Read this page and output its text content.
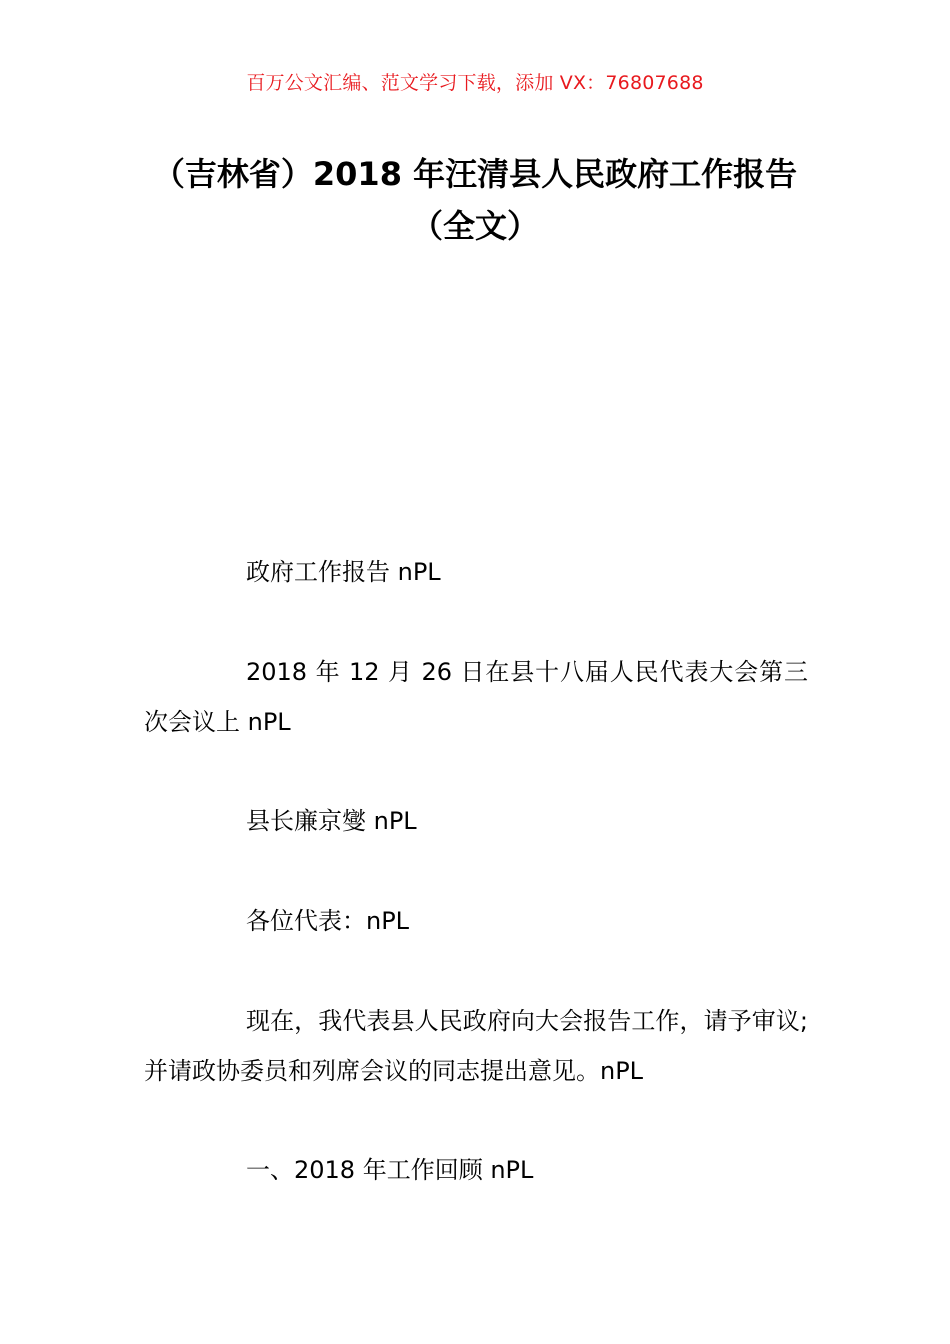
百万公文汇编、范文学习下载，添加 VX：76807688
（吉林省）2018 年汪清县人民政府工作报告（全文）

政府工作报告 nPL

2018 年 12 月 26 日在县十八届人民代表大会第三次会议上 nPL

县长廉京燮 nPL

各位代表：nPL

现在，我代表县人民政府向大会报告工作，请予审议;并请政协委员和列席会议的同志提出意见。nPL

一、2018 年工作回顾 nPL
